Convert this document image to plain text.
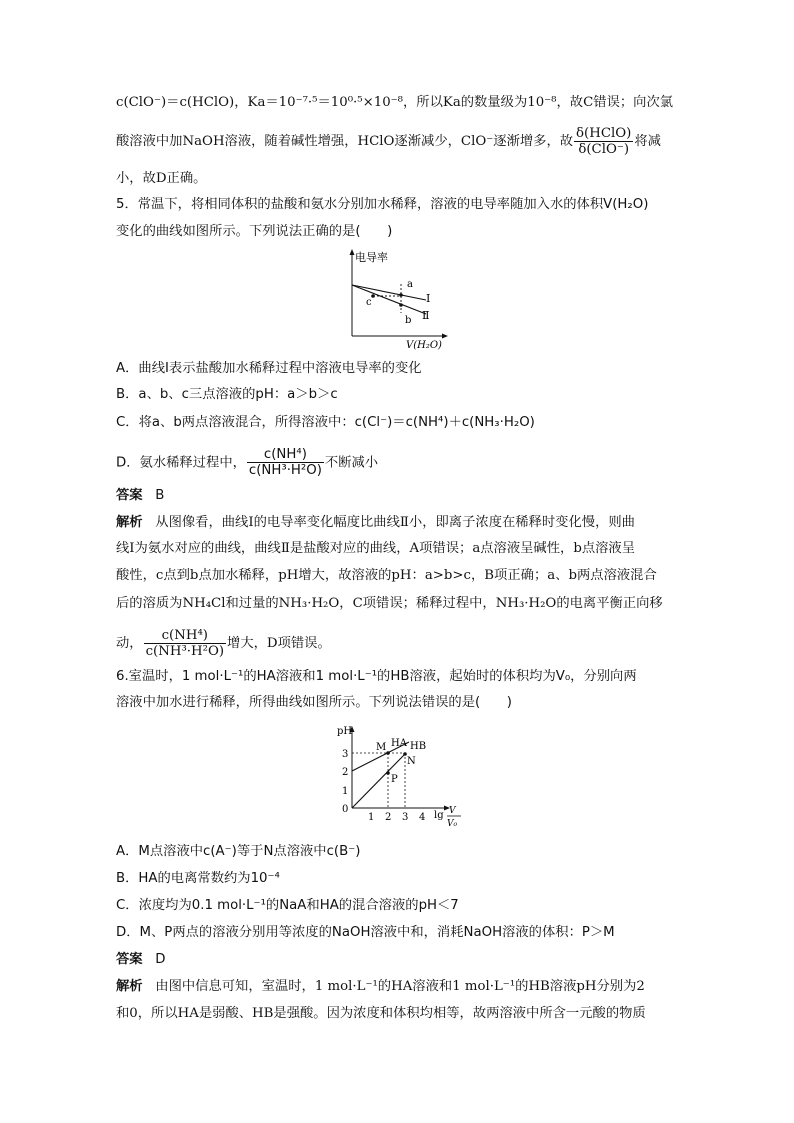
c(ClO⁻)＝c(HClO)，Ka＝10⁻⁷·⁵＝10⁰·⁵×10⁻⁸，所以Ka的数量级为10⁻⁸，故C错误；向次氯
酸溶液中加NaOH溶液，随着碱性增强，HClO逐渐减少，ClO⁻逐渐增多，故 $\frac{\text{δ(HClO)}}{\text{δ(ClO⁻)}}$ 将减
小，故D正确。
5．常温下，将相同体积的盐酸和氨水分别加水稀释，溶液的电导率随加入水的体积V(H₂O)
变化的曲线如图所示。下列说法正确的是(　　)
电导率
V(H₂O)
a
b
c	Ⅰ
Ⅱ
A．曲线Ⅰ表示盐酸加水稀释过程中溶液电导率的变化
B．a、b、c三点溶液的pH：a＞b＞c
C．将a、b两点溶液混合，所得溶液中：c(Cl⁻)＝c(NH⁴)＋c(NH₃·H₂O)
D．氨水稀释过程中， $\frac{\text{c(NH⁴)}}{\text{c(NH³·H²O)}}$ 不断减小
答案 B
解析 从图像看，曲线Ⅰ的电导率变化幅度比曲线Ⅱ小，即离子浓度在稀释时变化慢，则曲
线Ⅰ为氨水对应的曲线，曲线Ⅱ是盐酸对应的曲线，A项错误；a点溶液呈碱性，b点溶液呈
酸性，c点到b点加水稀释，pH增大，故溶液的pH：a>b>c，B项正确；a、b两点溶液混合
后的溶质为NH₄Cl和过量的NH₃·H₂O，C项错误；稀释过程中，NH₃·H₂O的电离平衡正向移
动， $\frac{\text{c(NH⁴)}}{\text{c(NH³·H²O)}}$ 增大，D项错误。
6.室温时，1 mol·L⁻¹的HA溶液和1 mol·L⁻¹的HB溶液，起始时的体积均为V₀，分别向两
溶液中加水进行稀释，所得曲线如图所示。下列说法错误的是(　　)
pH
0
1
2
3
1 2 3 4 lg V
V₀
M HA HB
N
P
A．M点溶液中c(A⁻)等于N点溶液中c(B⁻)
B．HA的电离常数约为10⁻⁴
C．浓度均为0.1 mol·L⁻¹的NaA和HA的混合溶液的pH＜7
D．M、P两点的溶液分别用等浓度的NaOH溶液中和，消耗NaOH溶液的体积：P＞M
答案 D
解析 由图中信息可知，室温时，1 mol·L⁻¹的HA溶液和1 mol·L⁻¹的HB溶液pH分别为2
和0，所以HA是弱酸、HB是强酸。因为浓度和体积均相等，故两溶液中所含一元酸的物质
